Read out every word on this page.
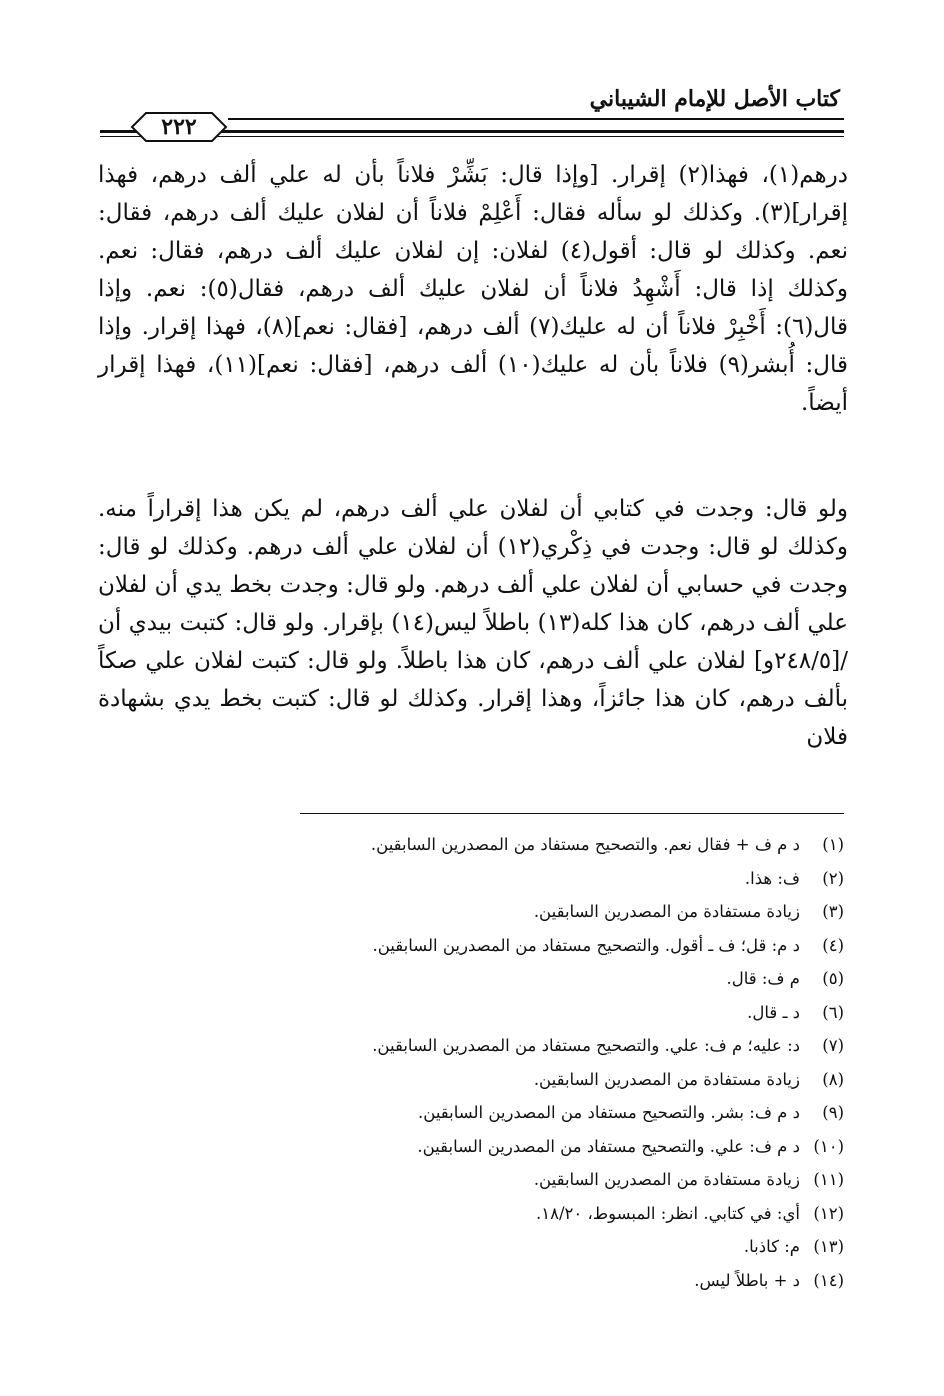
كتاب الأصل للإمام الشيباني
٢٢٢

درهم(١)، فهذا(٢) إقرار. [وإذا قال: بَشِّرْ فلاناً بأن له علي ألف درهم، فهذا إقرار](٣). وكذلك لو سأله فقال: أَعْلِمْ فلاناً أن لفلان عليك ألف درهم، فقال: نعم. وكذلك لو قال: أقول(٤) لفلان: إن لفلان عليك ألف درهم، فقال: نعم. وكذلك إذا قال: أَشْهِدُ فلاناً أن لفلان عليك ألف درهم، فقال(٥): نعم. وإذا قال(٦): أَخْبِرْ فلاناً أن له عليك(٧) ألف درهم، [فقال: نعم](٨)، فهذا إقرار. وإذا قال: أُبشر(٩) فلاناً بأن له عليك(١٠) ألف درهم، [فقال: نعم](١١)، فهذا إقرار أيضاً.

ولو قال: وجدت في كتابي أن لفلان علي ألف درهم، لم يكن هذا إقراراً منه. وكذلك لو قال: وجدت في ذِكْري(١٢) أن لفلان علي ألف درهم. وكذلك لو قال: وجدت في حسابي أن لفلان علي ألف درهم. ولو قال: وجدت بخط يدي أن لفلان علي ألف درهم، كان هذا كله(١٣) باطلاً ليس(١٤) بإقرار. ولو قال: كتبت بيدي أن /[٢٤٨/٥و] لفلان علي ألف درهم، كان هذا باطلاً. ولو قال: كتبت لفلان علي صكاً بألف درهم، كان هذا جائزاً، وهذا إقرار. وكذلك لو قال: كتبت بخط يدي بشهادة فلان

(١)
د م ف + فقال نعم. والتصحيح مستفاد من المصدرين السابقين.
(٢)
ف: هذا.
(٣)
زيادة مستفادة من المصدرين السابقين.
(٤)
د م: قل؛ ف ـ أقول. والتصحيح مستفاد من المصدرين السابقين.
(٥)
م ف: قال.
(٦)
د ـ قال.
(٧)
د: عليه؛ م ف: علي. والتصحيح مستفاد من المصدرين السابقين.
(٨)
زيادة مستفادة من المصدرين السابقين.
(٩)
د م ف: بشر. والتصحيح مستفاد من المصدرين السابقين.
(١٠)
د م ف: علي. والتصحيح مستفاد من المصدرين السابقين.
(١١)
زيادة مستفادة من المصدرين السابقين.
(١٢)
أي: في كتابي. انظر: المبسوط، ١٨/٢٠.
(١٣)
م: كاذبا.
(١٤)
د + باطلاً ليس.
